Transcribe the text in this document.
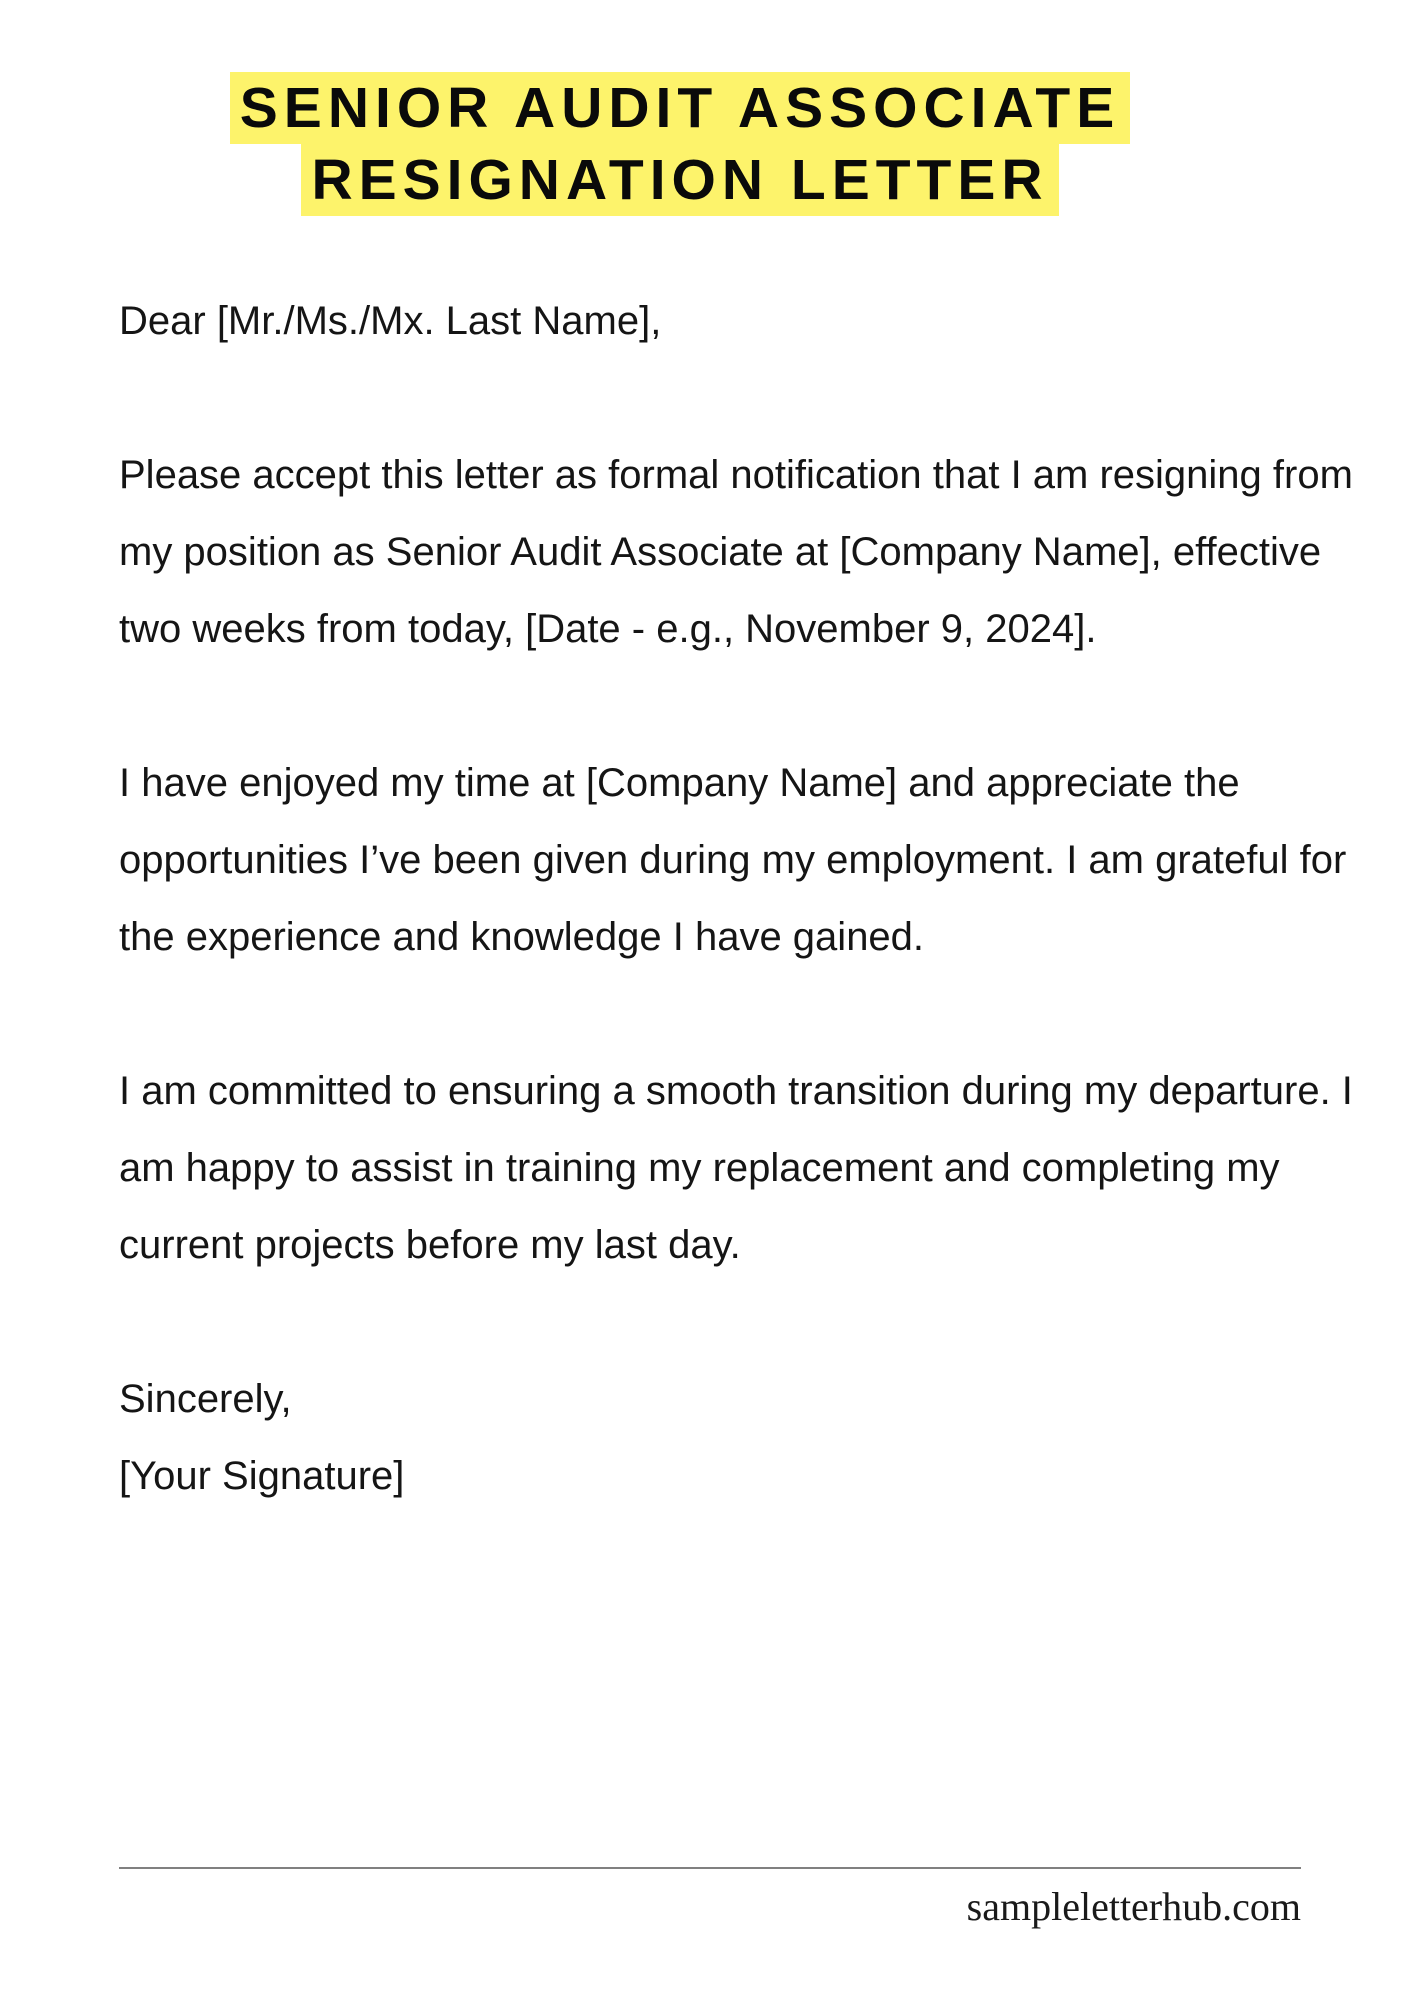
SENIOR AUDIT ASSOCIATE
RESIGNATION LETTER

Dear [Mr./Ms./Mx. Last Name],

Please accept this letter as formal notification that I am resigning from my position as Senior Audit Associate at [Company Name], effective two weeks from today, [Date - e.g., November 9, 2024].

I have enjoyed my time at [Company Name] and appreciate the opportunities I’ve been given during my employment. I am grateful for the experience and knowledge I have gained.

I am committed to ensuring a smooth transition during my departure. I am happy to assist in training my replacement and completing my current projects before my last day.

Sincerely,
[Your Signature]
sampleletterhub.com
